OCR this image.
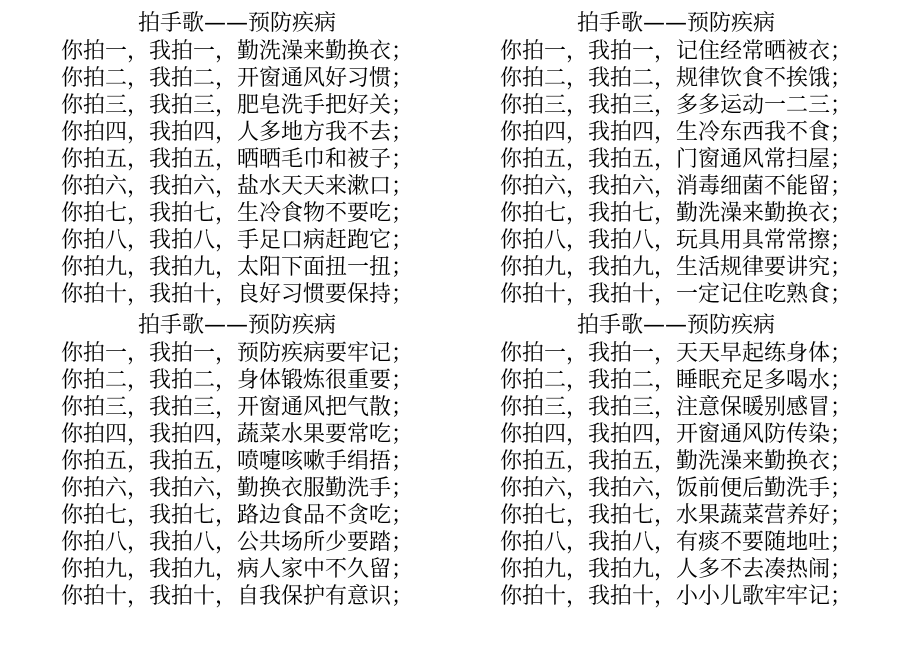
拍手歌——预防疾病
你拍一，我拍一，勤洗澡来勤换衣；
你拍二，我拍二，开窗通风好习惯；
你拍三，我拍三，肥皂洗手把好关；
你拍四，我拍四，人多地方我不去；
你拍五，我拍五，晒晒毛巾和被子；
你拍六，我拍六，盐水天天来漱口；
你拍七，我拍七，生冷食物不要吃；
你拍八，我拍八，手足口病赶跑它；
你拍九，我拍九，太阳下面扭一扭；
你拍十，我拍十，良好习惯要保持；
拍手歌——预防疾病
你拍一，我拍一，记住经常晒被衣；
你拍二，我拍二，规律饮食不挨饿；
你拍三，我拍三，多多运动一二三；
你拍四，我拍四，生冷东西我不食；
你拍五，我拍五，门窗通风常扫屋；
你拍六，我拍六，消毒细菌不能留；
你拍七，我拍七，勤洗澡来勤换衣；
你拍八，我拍八，玩具用具常常擦；
你拍九，我拍九，生活规律要讲究；
你拍十，我拍十，一定记住吃熟食；
拍手歌——预防疾病
你拍一，我拍一，预防疾病要牢记；
你拍二，我拍二，身体锻炼很重要；
你拍三，我拍三，开窗通风把气散；
你拍四，我拍四，蔬菜水果要常吃；
你拍五，我拍五，喷嚏咳嗽手绢捂；
你拍六，我拍六，勤换衣服勤洗手；
你拍七，我拍七，路边食品不贪吃；
你拍八，我拍八，公共场所少要踏；
你拍九，我拍九，病人家中不久留；
你拍十，我拍十，自我保护有意识；
拍手歌——预防疾病
你拍一，我拍一，天天早起练身体；
你拍二，我拍二，睡眠充足多喝水；
你拍三，我拍三，注意保暖别感冒；
你拍四，我拍四，开窗通风防传染；
你拍五，我拍五，勤洗澡来勤换衣；
你拍六，我拍六，饭前便后勤洗手；
你拍七，我拍七，水果蔬菜营养好；
你拍八，我拍八，有痰不要随地吐；
你拍九，我拍九，人多不去凑热闹；
你拍十，我拍十，小小儿歌牢牢记；
